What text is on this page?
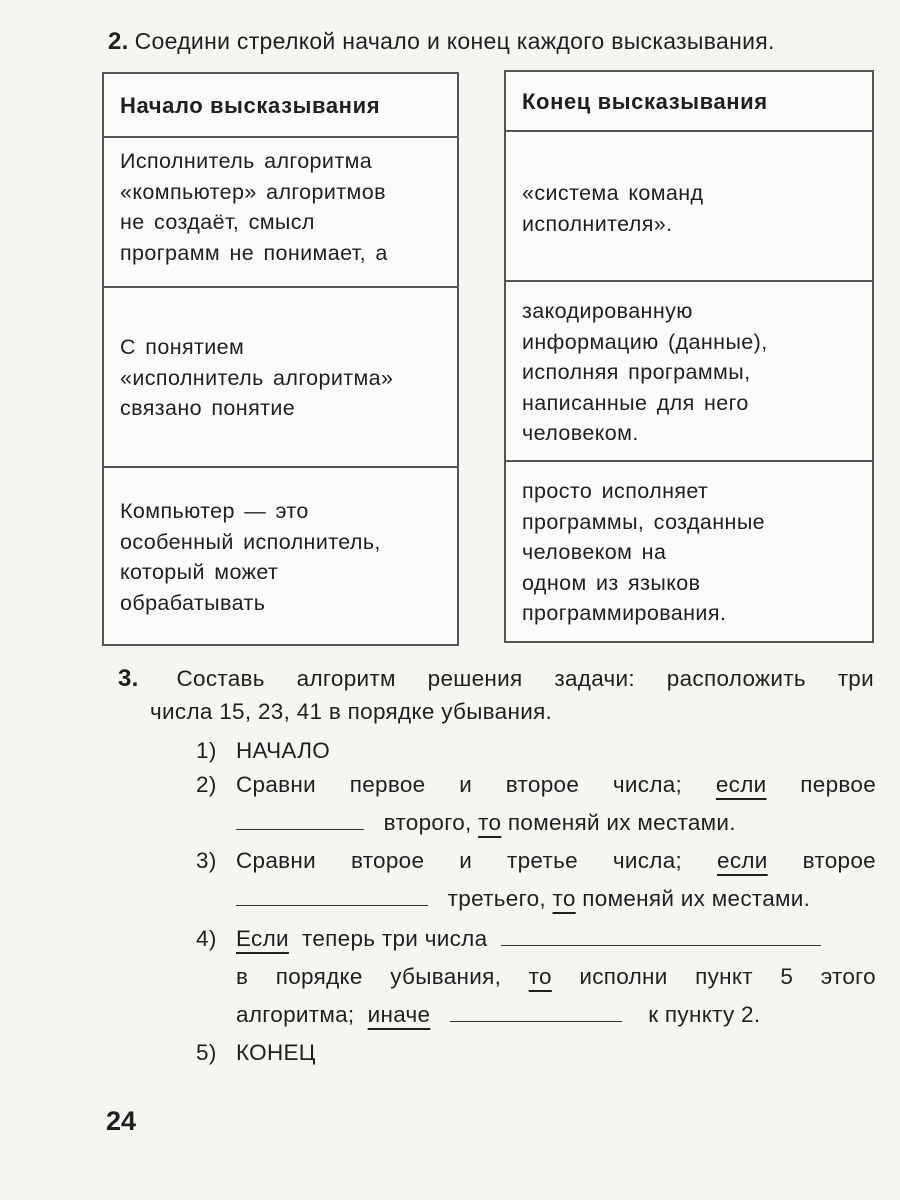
2. Соедини стрелкой начало и конец каждого высказывания.
Начало высказывания
Исполнитель алгоритма
«компьютер» алгоритмов
не создаёт, смысл
программ не понимает, а
С понятием
«исполнитель алгоритма»
связано понятие
Компьютер — это
особенный исполнитель,
который может
обрабатывать
Конец высказывания
«система команд
исполнителя».
закодированную
информацию (данные),
исполняя программы,
написанные для него
человеком.
просто исполняет
программы, созданные
человеком на
одном из языков
программирования.
3. Составь алгоритм решения задачи: расположить три
числа 15, 23, 41 в порядке убывания.
1) НАЧАЛО
2) Сравни первое и второе числа; если первое
второго, то поменяй их местами.
3) Сравни второе и третье числа; если второе
третьего, то поменяй их местами.
4) Если теперь три числа
в порядке убывания, то исполни пункт 5 этого
алгоритма; иначе	к пункту 2.
5) КОНЕЦ
24
